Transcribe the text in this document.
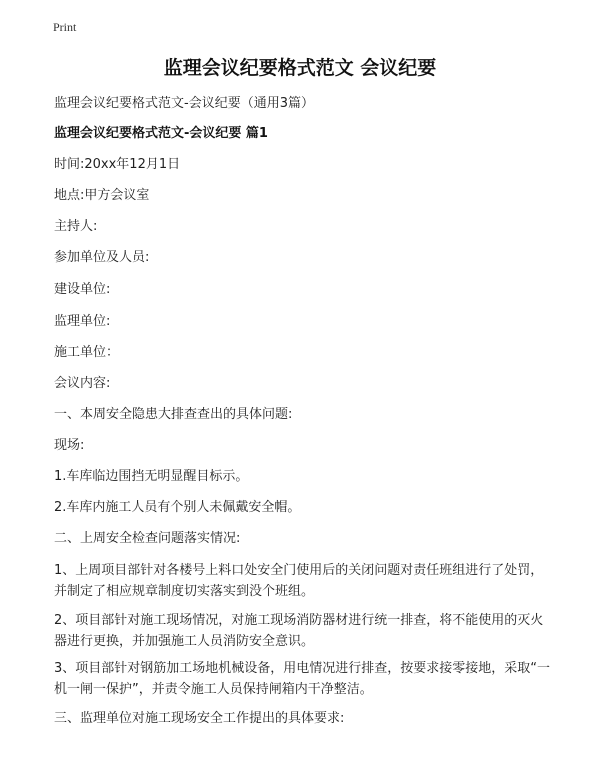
Print
监理会议纪要格式范文 会议纪要
监理会议纪要格式范文-会议纪要（通用3篇）
监理会议纪要格式范文-会议纪要 篇1
时间:20xx年12月1日
地点:甲方会议室
主持人:
参加单位及人员:
建设单位:
监理单位:
施工单位：
会议内容:
一、本周安全隐患大排查查出的具体问题:
现场:
1.车库临边围挡无明显醒目标示。
2.车库内施工人员有个别人未佩戴安全帽。
二、上周安全检查问题落实情况:
1、上周项目部针对各楼号上料口处安全门使用后的关闭问题对责任班组进行了处罚，并制定了相应规章制度切实落实到没个班组。
2、项目部针对施工现场情况，对施工现场消防器材进行统一排查，将不能使用的灭火器进行更换，并加强施工人员消防安全意识。
3、项目部针对钢筋加工场地机械设备，用电情况进行排查，按要求接零接地，采取“一机一闸一保护”，并责令施工人员保持闸箱内干净整洁。
三、监理单位对施工现场安全工作提出的具体要求:
